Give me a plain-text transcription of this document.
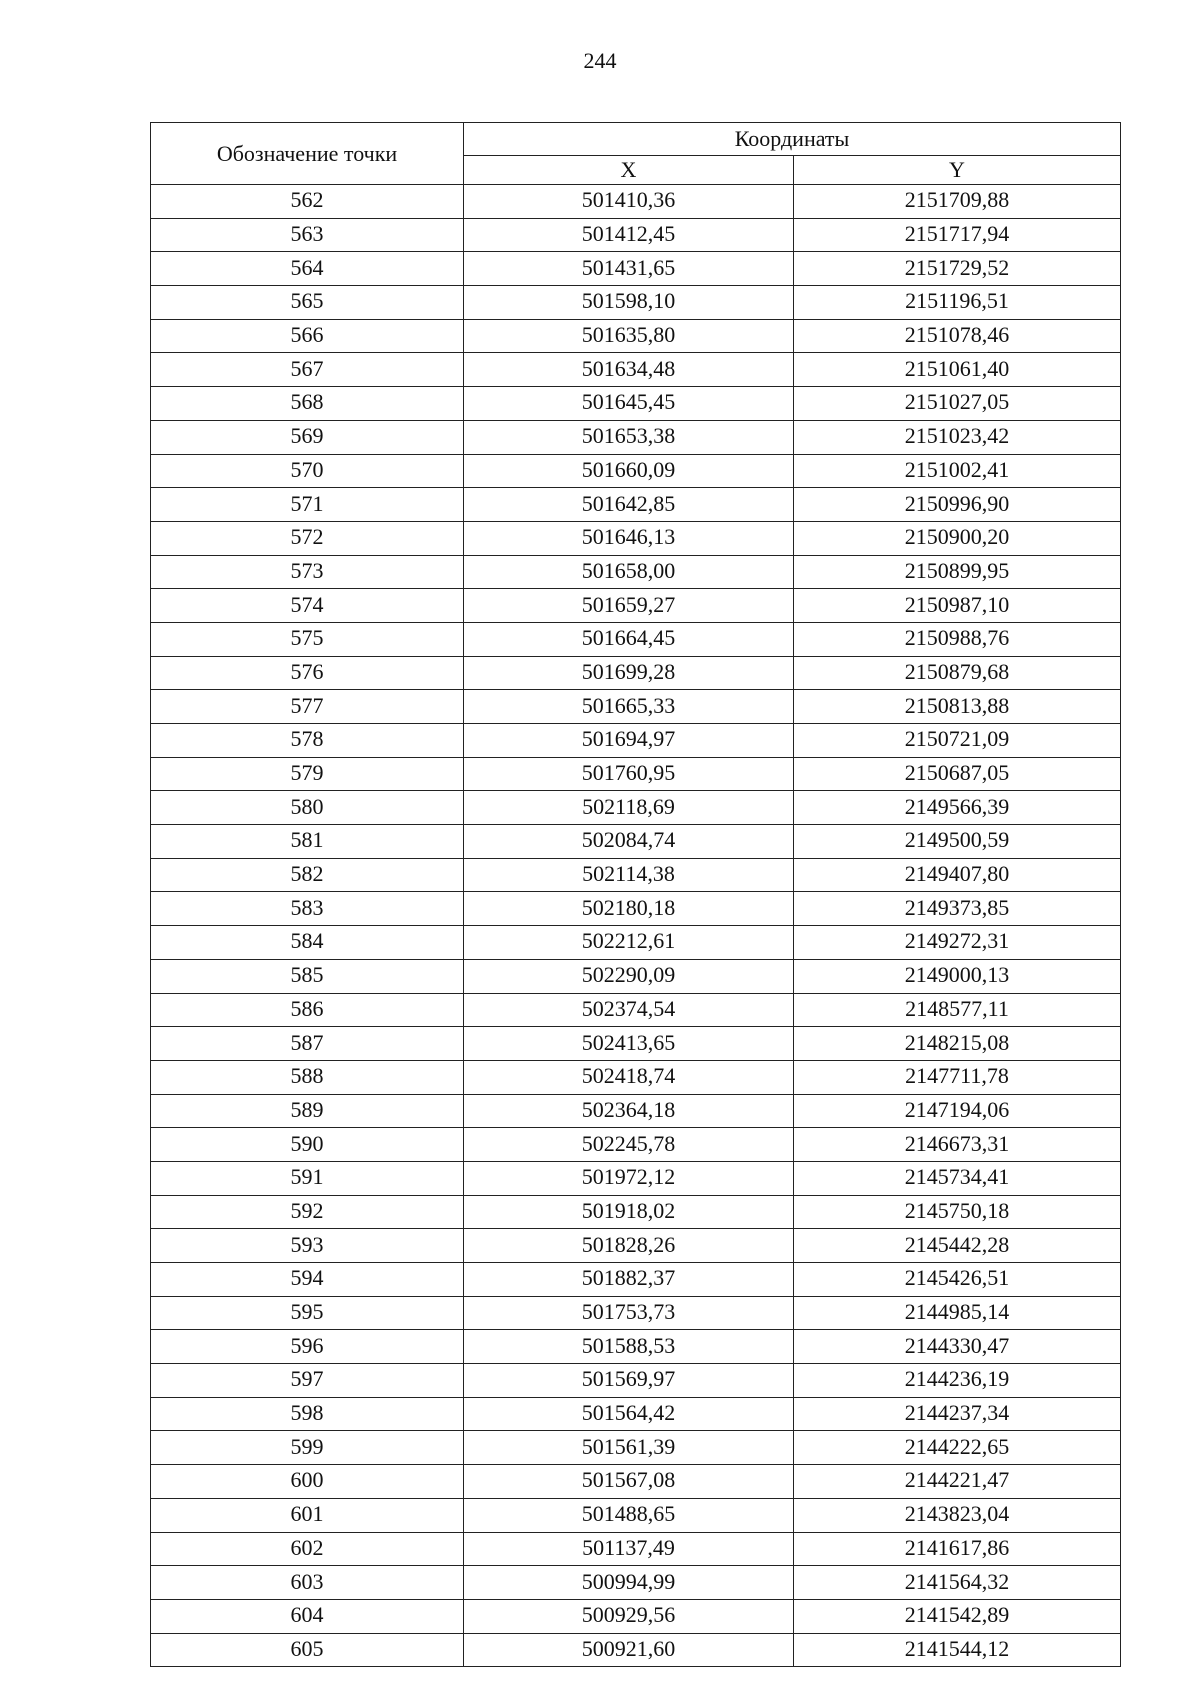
244
Обозначение точки	Координаты	
	X	Y
562	501410,36	2151709,88
563	501412,45	2151717,94
564	501431,65	2151729,52
565	501598,10	2151196,51
566	501635,80	2151078,46
567	501634,48	2151061,40
568	501645,45	2151027,05
569	501653,38	2151023,42
570	501660,09	2151002,41
571	501642,85	2150996,90
572	501646,13	2150900,20
573	501658,00	2150899,95
574	501659,27	2150987,10
575	501664,45	2150988,76
576	501699,28	2150879,68
577	501665,33	2150813,88
578	501694,97	2150721,09
579	501760,95	2150687,05
580	502118,69	2149566,39
581	502084,74	2149500,59
582	502114,38	2149407,80
583	502180,18	2149373,85
584	502212,61	2149272,31
585	502290,09	2149000,13
586	502374,54	2148577,11
587	502413,65	2148215,08
588	502418,74	2147711,78
589	502364,18	2147194,06
590	502245,78	2146673,31
591	501972,12	2145734,41
592	501918,02	2145750,18
593	501828,26	2145442,28
594	501882,37	2145426,51
595	501753,73	2144985,14
596	501588,53	2144330,47
597	501569,97	2144236,19
598	501564,42	2144237,34
599	501561,39	2144222,65
600	501567,08	2144221,47
601	501488,65	2143823,04
602	501137,49	2141617,86
603	500994,99	2141564,32
604	500929,56	2141542,89
605	500921,60	2141544,12
